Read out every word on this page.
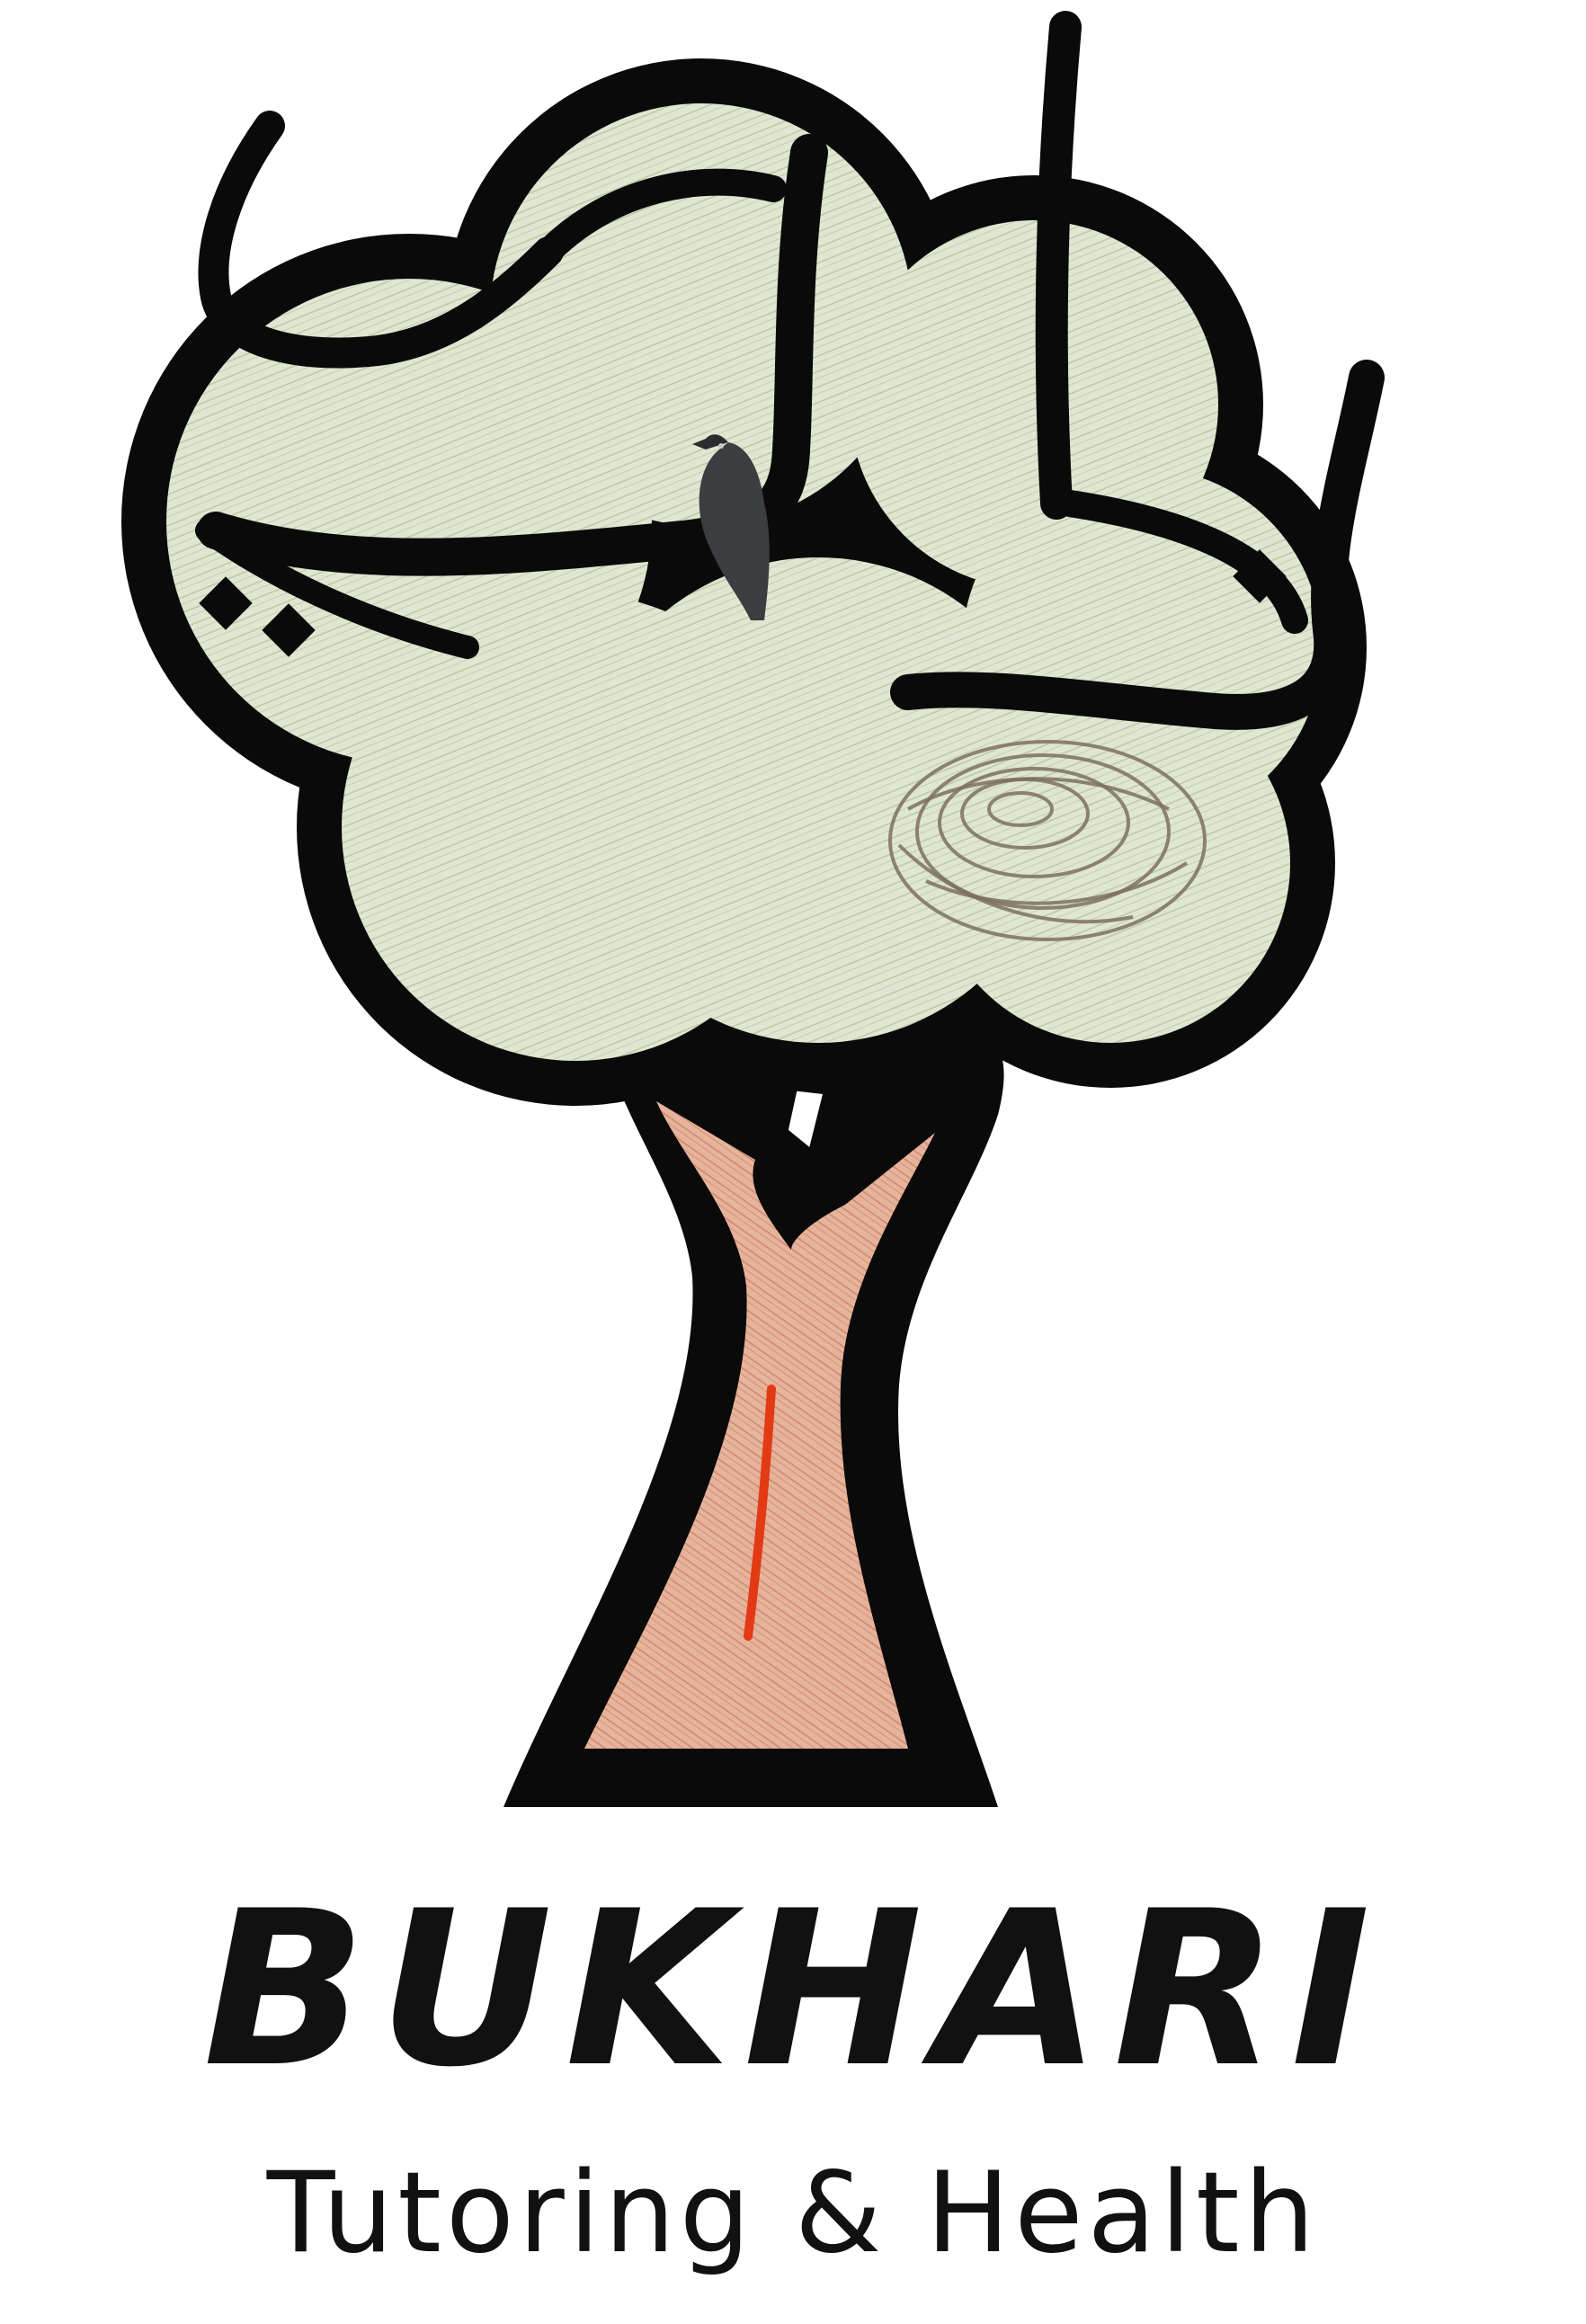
BUKHARI
Tutoring & Health
